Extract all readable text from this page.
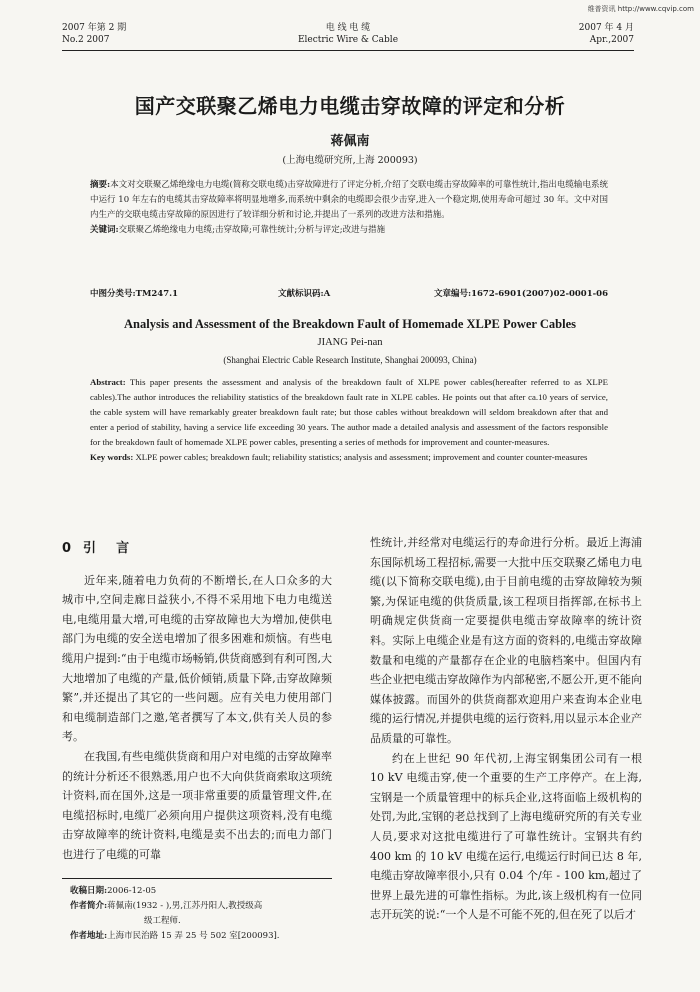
维普资讯 http://www.cqvip.com
2007 年第 2 期
No.2 2007
电 线 电 缆
Electric Wire & Cable
2007 年 4 月
Apr.,2007
国产交联聚乙烯电力电缆击穿故障的评定和分析
蒋佩南
(上海电缆研究所,上海 200093)
摘要:本文对交联聚乙烯绝缘电力电缆(简称交联电缆)击穿故障进行了评定分析,介绍了交联电缆击穿故障率的可靠性统计,指出电缆输电系统中运行 10 年左右的电缆其击穿故障率将明显地增多,而系统中剩余的电缆即会很少击穿,进入一个稳定期,使用寿命可超过 30 年。文中对国内生产的交联电缆击穿故障的原因进行了较详细分析和讨论,并提出了一系列的改进方法和措施。
关键词:交联聚乙烯绝缘电力电缆;击穿故障;可靠性统计;分析与评定;改进与措施
中图分类号:TM247.1	文献标识码:A	文章编号:1672-6901(2007)02-0001-06
Analysis and Assessment of the Breakdown Fault of Homemade XLPE Power Cables
JIANG Pei-nan
(Shanghai Electric Cable Research Institute, Shanghai 200093, China)
Abstract: This paper presents the assessment and analysis of the breakdown fault of XLPE power cables(hereafter referred to as XLPE cables).The author introduces the reliability statistics of the breakdown fault rate in XLPE cables. He points out that after ca.10 years of service, the cable system will have remarkably greater breakdown fault rate; but those cables without breakdown will seldom breakdown after that and enter a period of stability, having a service life exceeding 30 years. The author made a detailed analysis and assessment of the factors responsible for the breakdown fault of homemade XLPE power cables, presenting a series of methods for improvement and counter-measures.
Key words: XLPE power cables; breakdown fault; reliability statistics; analysis and assessment; improvement and counter counter-measures
0 引 言

近年来,随着电力负荷的不断增长,在人口众多的大城市中,空间走廊日益狭小,不得不采用地下电力电缆送电,电缆用量大增,可电缆的击穿故障也大为增加,使供电部门为电缆的安全送电增加了很多困难和烦恼。有些电缆用户提到:“由于电缆市场畅销,供货商感到有利可图,大大地增加了电缆的产量,低价倾销,质量下降,击穿故障频繁”,并还提出了其它的一些问题。应有关电力使用部门和电缆制造部门之邀,笔者撰写了本文,供有关人员的参考。

在我国,有些电缆供货商和用户对电缆的击穿故障率的统计分析还不很熟悉,用户也不大向供货商索取这项统计资料,而在国外,这是一项非常重要的质量管理文件,在电缆招标时,电缆厂必须向用户提供这项资料,没有电缆击穿故障率的统计资料,电缆是卖不出去的;而电力部门也进行了电缆的可靠

性统计,并经常对电缆运行的寿命进行分析。最近上海浦东国际机场工程招标,需要一大批中压交联聚乙烯电力电缆(以下简称交联电缆),由于目前电缆的击穿故障较为频繁,为保证电缆的供货质量,该工程项目指挥部,在标书上明确规定供货商一定要提供电缆击穿故障率的统计资料。实际上电缆企业是有这方面的资料的,电缆击穿故障数量和电缆的产量都存在企业的电脑档案中。但国内有些企业把电缆击穿故障作为内部秘密,不愿公开,更不能向媒体披露。而国外的供货商都欢迎用户来查询本企业电缆的运行情况,并提供电缆的运行资料,用以显示本企业产品质量的可靠性。

约在上世纪 90 年代初,上海宝钢集团公司有一根 10 kV 电缆击穿,使一个重要的生产工序停产。在上海,宝钢是一个质量管理中的标兵企业,这将面临上级机构的处罚,为此,宝钢的老总找到了上海电缆研究所的有关专业人员,要求对这批电缆进行了可靠性统计。宝钢共有约 400 km 的 10 kV 电缆在运行,电缆运行时间已达 8 年,电缆击穿故障率很小,只有 0.04 个/年 - 100 km,超过了世界上最先进的可靠性指标。为此,该上级机构有一位同志开玩笑的说:“一个人是不可能不死的,但在死了以后才

收稿日期: 2006-12-05
作者简介: 蒋佩南(1932 - ),男,江苏丹阳人,教授级高
级工程师.
作者地址: 上海市民治路 15 弄 25 号 502 室[200093].
